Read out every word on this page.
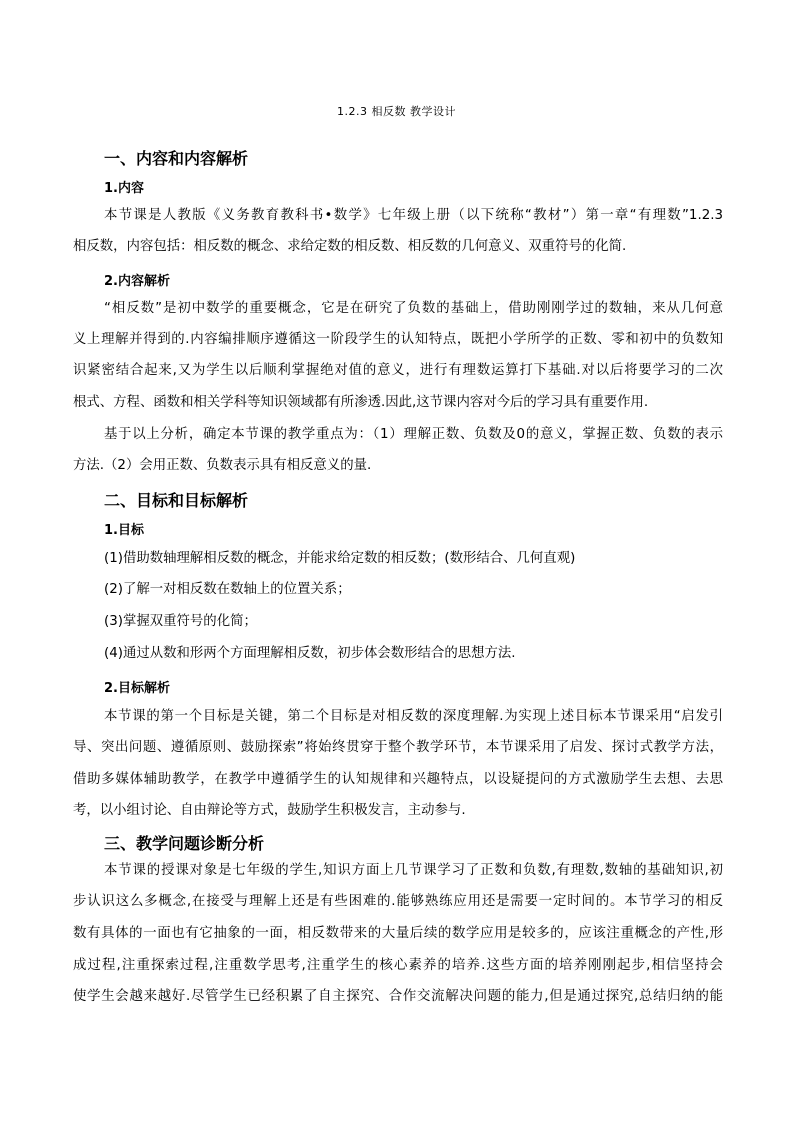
1.2.3 相反数 教学设计
一、内容和内容解析
1.内容
本节课是人教版《义务教育教科书•数学》七年级上册（以下统称“教材”）第一章“有理数”1.2.3
相反数，内容包括：相反数的概念、求给定数的相反数、相反数的几何意义、双重符号的化简.
2.内容解析
“相反数”是初中数学的重要概念，它是在研究了负数的基础上，借助刚刚学过的数轴，来从几何意
义上理解并得到的.内容编排顺序遵循这一阶段学生的认知特点，既把小学所学的正数、零和初中的负数知
识紧密结合起来,又为学生以后顺利掌握绝对值的意义，进行有理数运算打下基础.对以后将要学习的二次
根式、方程、函数和相关学科等知识领域都有所渗透.因此,这节课内容对今后的学习具有重要作用.
基于以上分析，确定本节课的教学重点为：（1）理解正数、负数及0的意义，掌握正数、负数的表示
方法.（2）会用正数、负数表示具有相反意义的量.
二、目标和目标解析
1.目标
(1)借助数轴理解相反数的概念，并能求给定数的相反数；(数形结合、几何直观)
(2)了解一对相反数在数轴上的位置关系；
(3)掌握双重符号的化简；
(4)通过从数和形两个方面理解相反数，初步体会数形结合的思想方法.
2.目标解析
本节课的第一个目标是关键，第二个目标是对相反数的深度理解.为实现上述目标本节课采用“启发引
导、突出问题、遵循原则、鼓励探索”将始终贯穿于整个教学环节，本节课采用了启发、探讨式教学方法，
借助多媒体辅助教学，在教学中遵循学生的认知规律和兴趣特点，以设疑提问的方式激励学生去想、去思
考，以小组讨论、自由辩论等方式，鼓励学生积极发言，主动参与.
三、教学问题诊断分析
本节课的授课对象是七年级的学生,知识方面上几节课学习了正数和负数,有理数,数轴的基础知识,初
步认识这么多概念,在接受与理解上还是有些困难的.能够熟练应用还是需要一定时间的。本节学习的相反
数有具体的一面也有它抽象的一面，相反数带来的大量后续的数学应用是较多的，应该注重概念的产性,形
成过程,注重探索过程,注重数学思考,注重学生的核心素养的培养.这些方面的培养刚刚起步,相信坚持会
使学生会越来越好.尽管学生已经积累了自主探究、合作交流解决问题的能力,但是通过探究,总结归纳的能
